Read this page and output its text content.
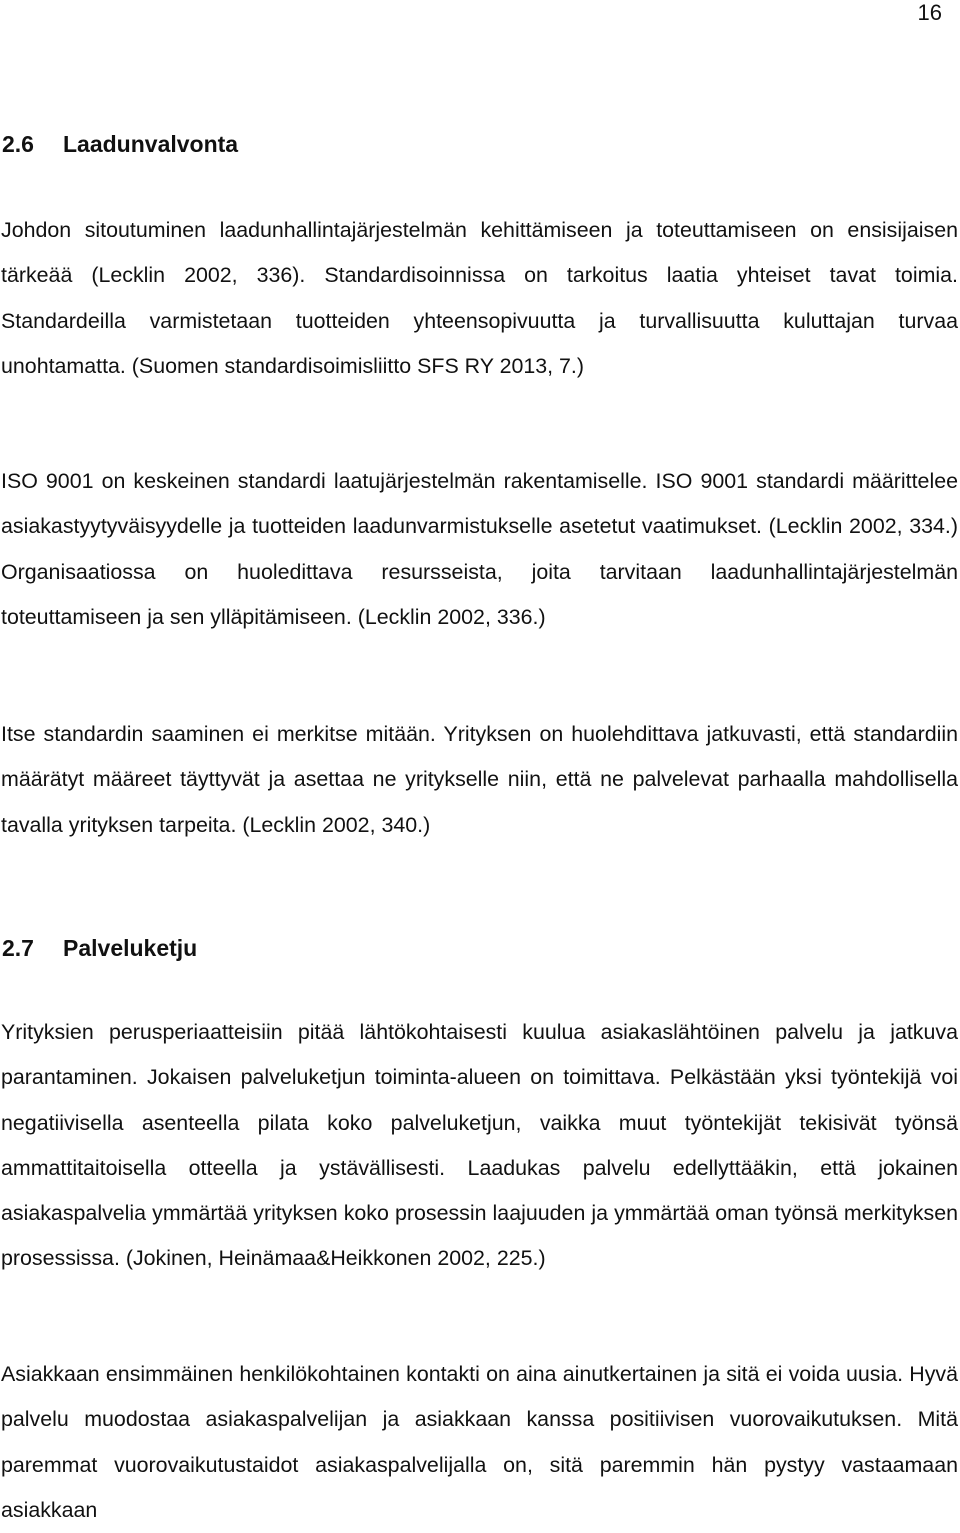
16
2.6 Laadunvalvonta

Johdon sitoutuminen laadunhallintajärjestelmän kehittämiseen ja toteuttamiseen on ensisijaisen tärkeää (Lecklin 2002, 336). Standardisoinnissa on tarkoitus laatia yhteiset tavat toimia. Standardeilla varmistetaan tuotteiden yhteensopivuutta ja turvallisuutta kuluttajan turvaa unohtamatta. (Suomen standardisoimisliitto SFS RY 2013, 7.)

ISO 9001 on keskeinen standardi laatujärjestelmän rakentamiselle. ISO 9001 standardi määrittelee asiakastyytyväisyydelle ja tuotteiden laadunvarmistukselle asetetut vaatimukset. (Lecklin 2002, 334.) Organisaatiossa on huoledittava resursseista, joita tarvitaan laadunhallintajärjestelmän toteuttamiseen ja sen ylläpitämiseen. (Lecklin 2002, 336.)

Itse standardin saaminen ei merkitse mitään. Yrityksen on huolehdittava jatkuvasti, että standardiin määrätyt määreet täyttyvät ja asettaa ne yritykselle niin, että ne palvelevat parhaalla mahdollisella tavalla yrityksen tarpeita. (Lecklin 2002, 340.)

2.7 Palveluketju

Yrityksien perusperiaatteisiin pitää lähtökohtaisesti kuulua asiakaslähtöinen palvelu ja jatkuva parantaminen. Jokaisen palveluketjun toiminta-alueen on toimittava. Pelkästään yksi työntekijä voi negatiivisella asenteella pilata koko palveluketjun, vaikka muut työntekijät tekisivät työnsä ammattitaitoisella otteella ja ystävällisesti. Laadukas palvelu edellyttääkin, että jokainen asiakaspalvelia ymmärtää yrityksen koko prosessin laajuuden ja ymmärtää oman työnsä merkityksen prosessissa. (Jokinen, Heinämaa&Heikkonen 2002, 225.)

Asiakkaan ensimmäinen henkilökohtainen kontakti on aina ainutkertainen ja sitä ei voida uusia. Hyvä palvelu muodostaa asiakaspalvelijan ja asiakkaan kanssa positiivisen vuorovaikutuksen. Mitä paremmat vuorovaikutustaidot asiakaspalvelijalla on, sitä paremmin hän pystyy vastaamaan asiakkaan
